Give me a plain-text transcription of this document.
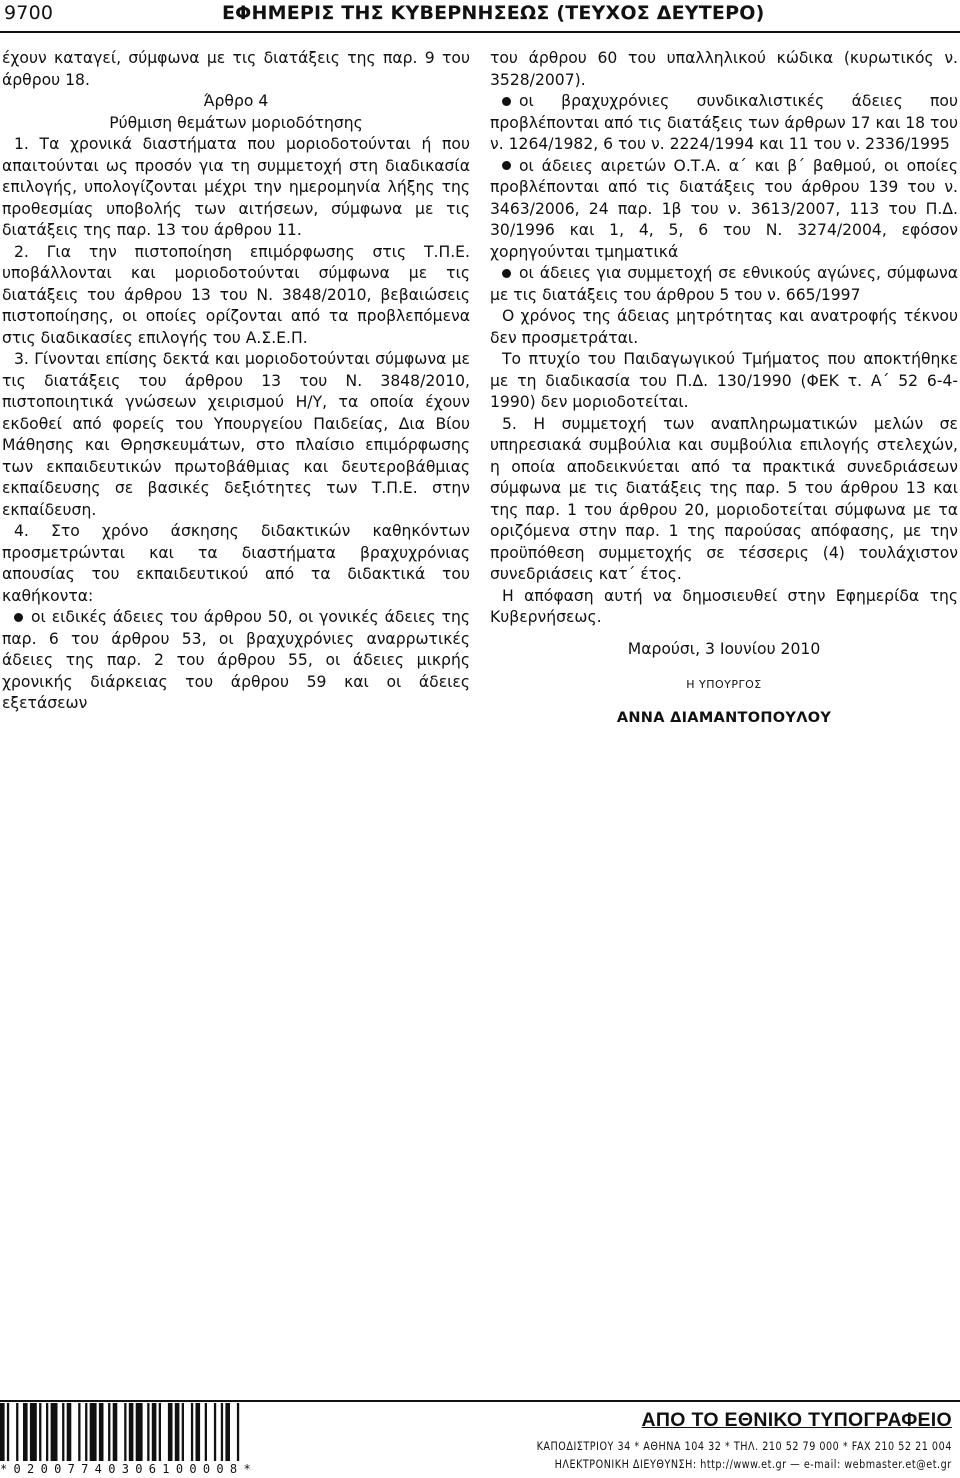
9700	ΕΦΗΜΕΡΙΣ ΤΗΣ ΚΥΒΕΡΝΗΣΕΩΣ (ΤΕΥΧΟΣ ΔΕΥΤΕΡΟ)

έχουν καταγεί, σύμφωνα με τις διατάξεις της παρ. 9 του άρθρου 18.

Άρθρο 4

Ρύθμιση θεμάτων μοριοδότησης

1. Τα χρονικά διαστήματα που μοριοδοτούνται ή που απαιτούνται ως προσόν για τη συμμετοχή στη διαδικασία επιλογής, υπολογίζονται μέχρι την ημερομηνία λήξης της προθεσμίας υποβολής των αιτήσεων, σύμφωνα με τις διατάξεις της παρ. 13 του άρθρου 11.

2. Για την πιστοποίηση επιμόρφωσης στις Τ.Π.Ε. υποβάλλονται και μοριοδοτούνται σύμφωνα με τις διατάξεις του άρθρου 13 του Ν. 3848/2010, βεβαιώσεις πιστοποίησης, οι οποίες ορίζονται από τα προβλεπόμενα στις διαδικασίες επιλογής του Α.Σ.Ε.Π.

3. Γίνονται επίσης δεκτά και μοριοδοτούνται σύμφωνα με τις διατάξεις του άρθρου 13 του Ν. 3848/2010, πιστοποιητικά γνώσεων χειρισμού Η/Υ, τα οποία έχουν εκδοθεί από φορείς του Υπουργείου Παιδείας, Δια Βίου Μάθησης και Θρησκευμάτων, στο πλαίσιο επιμόρφωσης των εκπαιδευτικών πρωτοβάθμιας και δευτεροβάθμιας εκπαίδευσης σε βασικές δεξιότητες των Τ.Π.Ε. στην εκπαίδευση.

4. Στο χρόνο άσκησης διδακτικών καθηκόντων προσμετρώνται και τα διαστήματα βραχυχρόνιας απουσίας του εκπαιδευτικού από τα διδακτικά του καθήκοντα:

οι ειδικές άδειες του άρθρου 50, οι γονικές άδειες της παρ. 6 του άρθρου 53, οι βραχυχρόνιες αναρρωτικές άδειες της παρ. 2 του άρθρου 55, οι άδειες μικρής χρονικής διάρκειας του άρθρου 59 και οι άδειες εξετάσεων

του άρθρου 60 του υπαλληλικού κώδικα (κυρωτικός ν. 3528/2007).

οι βραχυχρόνιες συνδικαλιστικές άδειες που προβλέπονται από τις διατάξεις των άρθρων 17 και 18 του ν. 1264/1982, 6 του ν. 2224/1994 και 11 του ν. 2336/1995

οι άδειες αιρετών Ο.Τ.Α. α΄ και β΄ βαθμού, οι οποίες προβλέπονται από τις διατάξεις του άρθρου 139 του ν. 3463/2006, 24 παρ. 1β του ν. 3613/2007, 113 του Π.Δ. 30/1996 και 1, 4, 5, 6 του Ν. 3274/2004, εφόσον χορηγούνται τμηματικά

οι άδειες για συμμετοχή σε εθνικούς αγώνες, σύμφωνα με τις διατάξεις του άρθρου 5 του ν. 665/1997

Ο χρόνος της άδειας μητρότητας και ανατροφής τέκνου δεν προσμετράται.

Το πτυχίο του Παιδαγωγικού Τμήματος που αποκτήθηκε με τη διαδικασία του Π.Δ. 130/1990 (ΦΕΚ τ. Α΄ 52 6-4-1990) δεν μοριοδοτείται.

5. Η συμμετοχή των αναπληρωματικών μελών σε υπηρεσιακά συμβούλια και συμβούλια επιλογής στελεχών, η οποία αποδεικνύεται από τα πρακτικά συνεδριάσεων σύμφωνα με τις διατάξεις της παρ. 5 του άρθρου 13 και της παρ. 1 του άρθρου 20, μοριοδοτείται σύμφωνα με τα οριζόμενα στην παρ. 1 της παρούσας απόφασης, με την προϋπόθεση συμμετοχής σε τέσσερις (4) τουλάχιστον συνεδριάσεις κατ΄ έτος.

Η απόφαση αυτή να δημοσιευθεί στην Εφημερίδα της Κυβερνήσεως.

Μαρούσι, 3 Ιουνίου 2010

Η ΥΠΟΥΡΓΟΣ

ΑΝΝΑ ΔΙΑΜΑΝΤΟΠΟΥΛΟΥ

*02007740306100008*
ΑΠΟ ΤΟ ΕΘΝΙΚΟ ΤΥΠΟΓΡΑΦΕΙΟ
ΚΑΠΟΔΙΣΤΡΙΟΥ 34 * ΑΘΗΝΑ 104 32 * ΤΗΛ. 210 52 79 000 * FAX 210 52 21 004
ΗΛΕΚΤΡΟΝΙΚΗ ΔΙΕΥΘΥΝΣΗ: http://www.et.gr — e-mail: webmaster.et@et.gr
